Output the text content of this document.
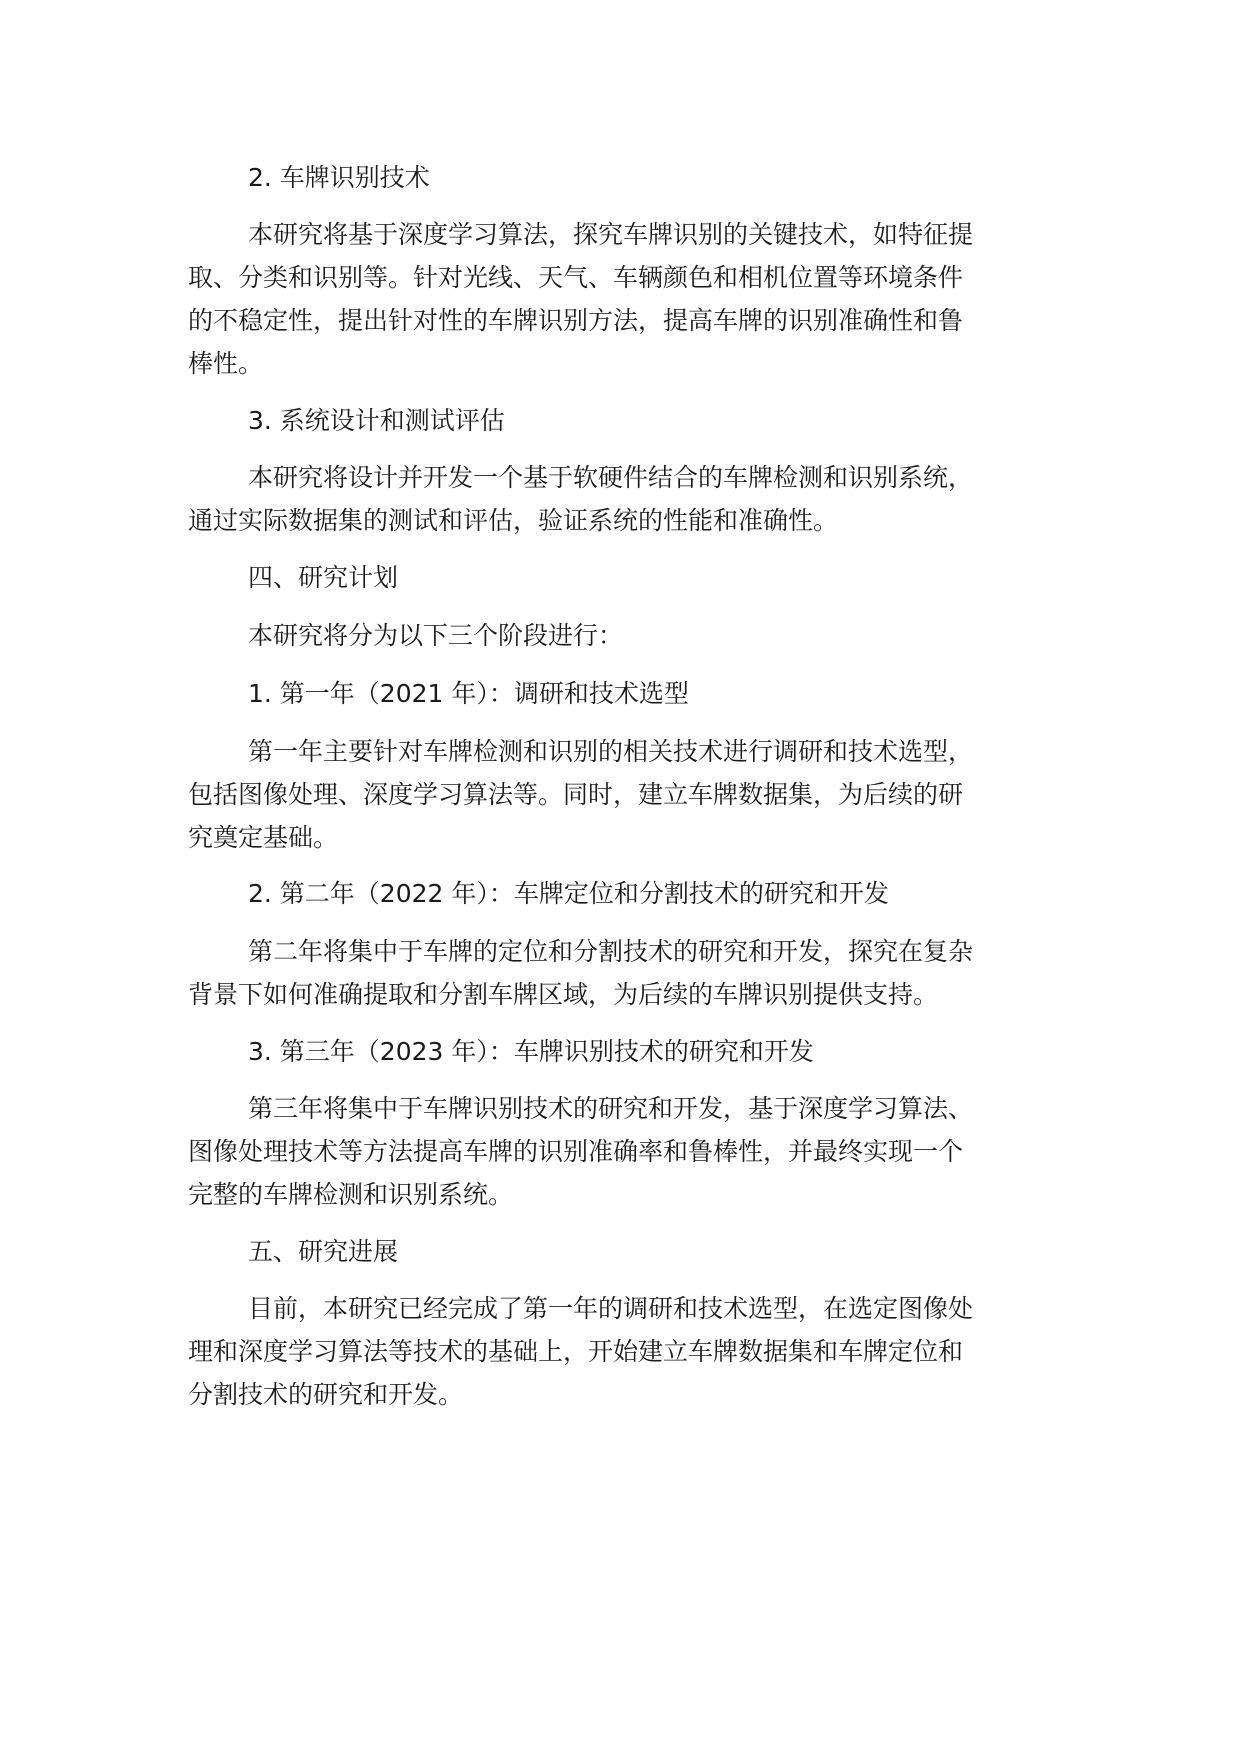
2. 车牌识别技术
本研究将基于深度学习算法，探究车牌识别的关键技术，如特征提
取、分类和识别等。针对光线、天气、车辆颜色和相机位置等环境条件
的不稳定性，提出针对性的车牌识别方法，提高车牌的识别准确性和鲁
棒性。
3. 系统设计和测试评估
本研究将设计并开发一个基于软硬件结合的车牌检测和识别系统，
通过实际数据集的测试和评估，验证系统的性能和准确性。
四、研究计划
本研究将分为以下三个阶段进行：
1. 第一年（2021 年）：调研和技术选型
第一年主要针对车牌检测和识别的相关技术进行调研和技术选型，
包括图像处理、深度学习算法等。同时，建立车牌数据集，为后续的研
究奠定基础。
2. 第二年（2022 年）：车牌定位和分割技术的研究和开发
第二年将集中于车牌的定位和分割技术的研究和开发，探究在复杂
背景下如何准确提取和分割车牌区域，为后续的车牌识别提供支持。
3. 第三年（2023 年）：车牌识别技术的研究和开发
第三年将集中于车牌识别技术的研究和开发，基于深度学习算法、
图像处理技术等方法提高车牌的识别准确率和鲁棒性，并最终实现一个
完整的车牌检测和识别系统。
五、研究进展
目前，本研究已经完成了第一年的调研和技术选型，在选定图像处
理和深度学习算法等技术的基础上，开始建立车牌数据集和车牌定位和
分割技术的研究和开发。
